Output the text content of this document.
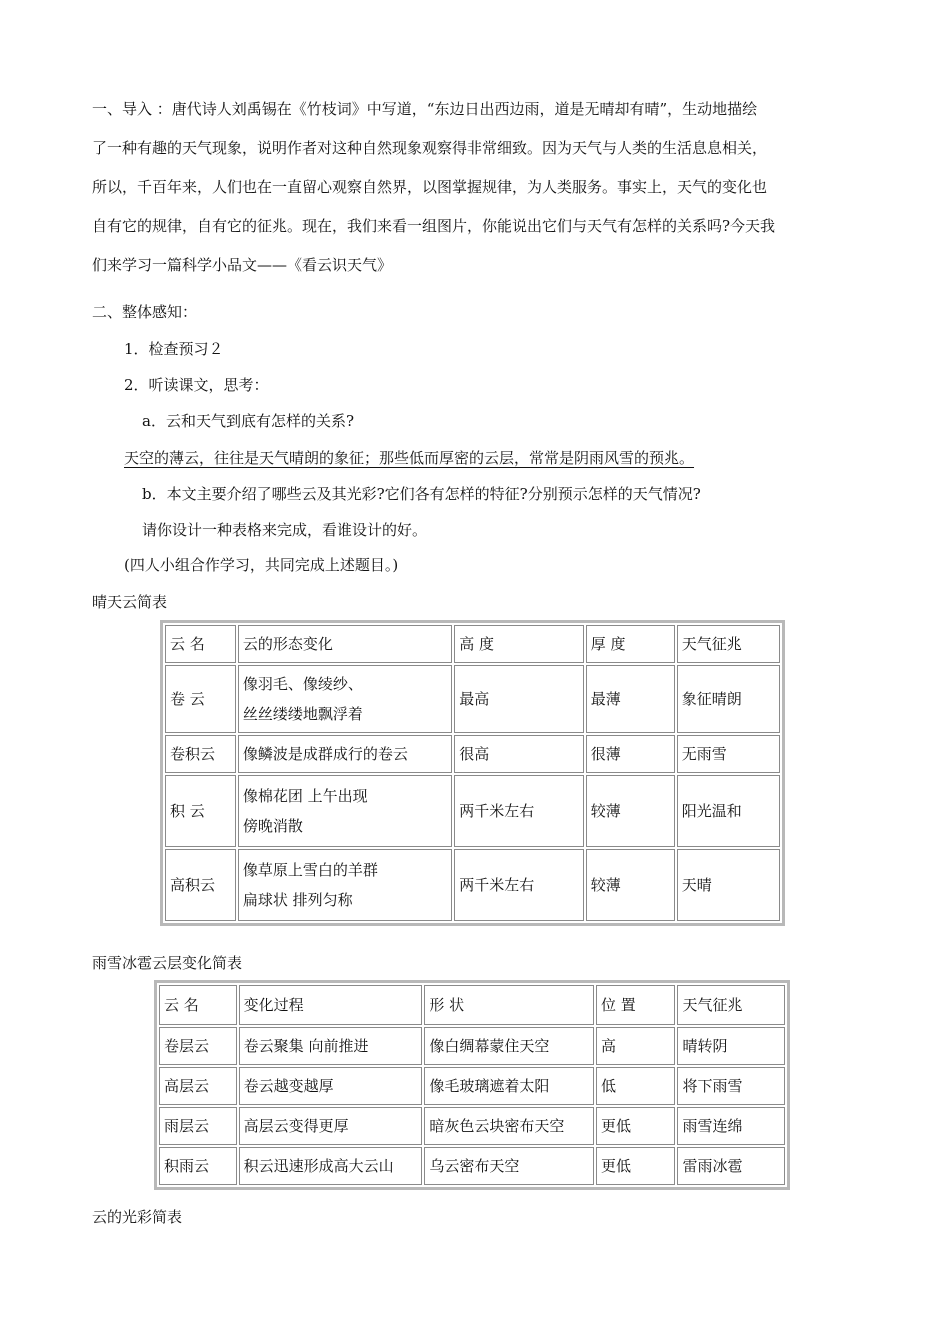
一、导入 ：唐代诗人刘禹锡在《竹枝词》中写道，“东边日出西边雨，道是无晴却有晴”，生动地描绘

了一种有趣的天气现象，说明作者对这种自然现象观察得非常细致。因为天气与人类的生活息息相关，

所以，千百年来，人们也在一直留心观察自然界，以图掌握规律，为人类服务。事实上，天气的变化也

自有它的规律，自有它的征兆。现在，我们来看一组图片，你能说出它们与天气有怎样的关系吗?今天我

们来学习一篇科学小品文——《看云识天气》

二、整体感知：
1．检查预习２
2．听读课文，思考：
a．云和天气到底有怎样的关系?
天空的薄云，往往是天气晴朗的象征；那些低而厚密的云层，常常是阴雨风雪的预兆。
b．本文主要介绍了哪些云及其光彩?它们各有怎样的特征?分别预示怎样的天气情况?
请你设计一种表格来完成，看谁设计的好。
(四人小组合作学习，共同完成上述题目。)
晴天云简表
云 名	云的形态变化	高 度	厚 度	天气征兆

卷 云	像羽毛、像绫纱、
丝丝缕缕地飘浮着	最高	最薄	象征晴朗

卷积云	像鳞波是成群成行的卷云	很高	很薄	无雨雪

积 云	像棉花团 上午出现
傍晚消散	两千米左右	较薄	阳光温和

高积云	像草原上雪白的羊群
扁球状 排列匀称	两千米左右	较薄	天晴
雨雪冰雹云层变化简表
云 名	变化过程	形 状	位 置	天气征兆
卷层云	卷云聚集 向前推进	像白绸幕蒙住天空	高	晴转阴
高层云	卷云越变越厚	像毛玻璃遮着太阳	低	将下雨雪
雨层云	高层云变得更厚	暗灰色云块密布天空	更低	雨雪连绵
积雨云	积云迅速形成高大云山	乌云密布天空	更低	雷雨冰雹
云的光彩简表
